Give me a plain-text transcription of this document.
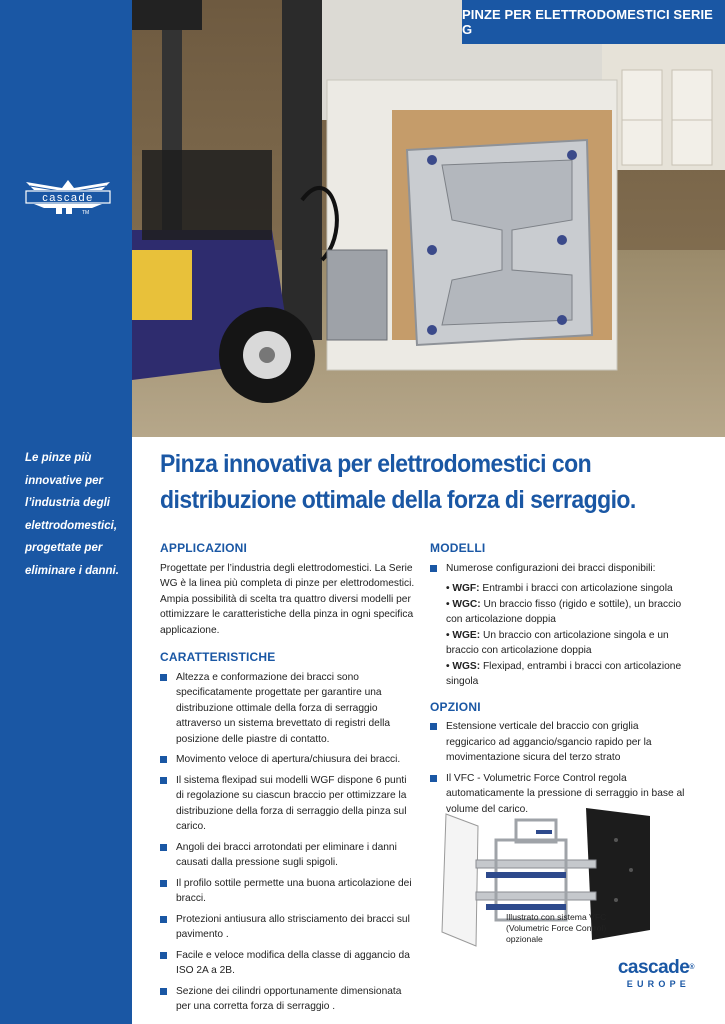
cascade
TM
Le pinze più
innovative per
l’industria degli
elettrodomestici,
progettate per
eliminare i danni.
PINZE PER ELETTRODOMESTICI SERIE G
Pinza innovativa per elettrodomestici con
distribuzione ottimale della forza di serraggio.
APPLICAZIONI

Progettate per l’industria degli elettrodomestici. La Serie WG è la linea più completa di pinze per elettrodomestici. Ampia possibilità di scelta tra quattro diversi modelli per ottimizzare le caratteristiche della pinza in ogni specifica applicazione.

CARATTERISTICHE
Altezza e conformazione dei bracci sono specificatamente progettate per garantire una distribuzione ottimale della forza di serraggio attraverso un sistema brevettato di registri della posizione delle piastre di contatto.
Movimento veloce di apertura/chiusura dei bracci.
Il sistema flexipad sui modelli WGF dispone 6 punti di regolazione su ciascun braccio per ottimizzare la distribuzione della forza di serraggio della pinza sul carico.
Angoli dei bracci arrotondati per eliminare i danni causati dalla pressione sugli spigoli.
Il profilo sottile permette una buona articolazione dei bracci.
Protezioni antiusura allo strisciamento dei bracci sul pavimento .
Facile e veloce modifica della classe di aggancio da ISO 2A a 2B.
Sezione dei cilindri opportunamente dimensionata per una corretta forza di serraggio .
MODELLI
Numerose configurazioni dei bracci disponibili:
• WGF: Entrambi i bracci con articolazione singola
• WGC: Un braccio fisso (rigido e sottile), un braccio con articolazione doppia
• WGE: Un braccio con articolazione singola e un braccio con articolazione doppia
• WGS: Flexipad, entrambi i bracci con articolazione singola
OPZIONI
Estensione verticale del braccio con griglia reggicarico ad aggancio/sgancio rapido per la movimentazione sicura del terzo strato
Il VFC - Volumetric Force Control regola automaticamente la pressione di serraggio in base al volume del carico.
Illustrato con sistema VFC (Volumetric Force Control) opzionale
cascade®
EUROPE
